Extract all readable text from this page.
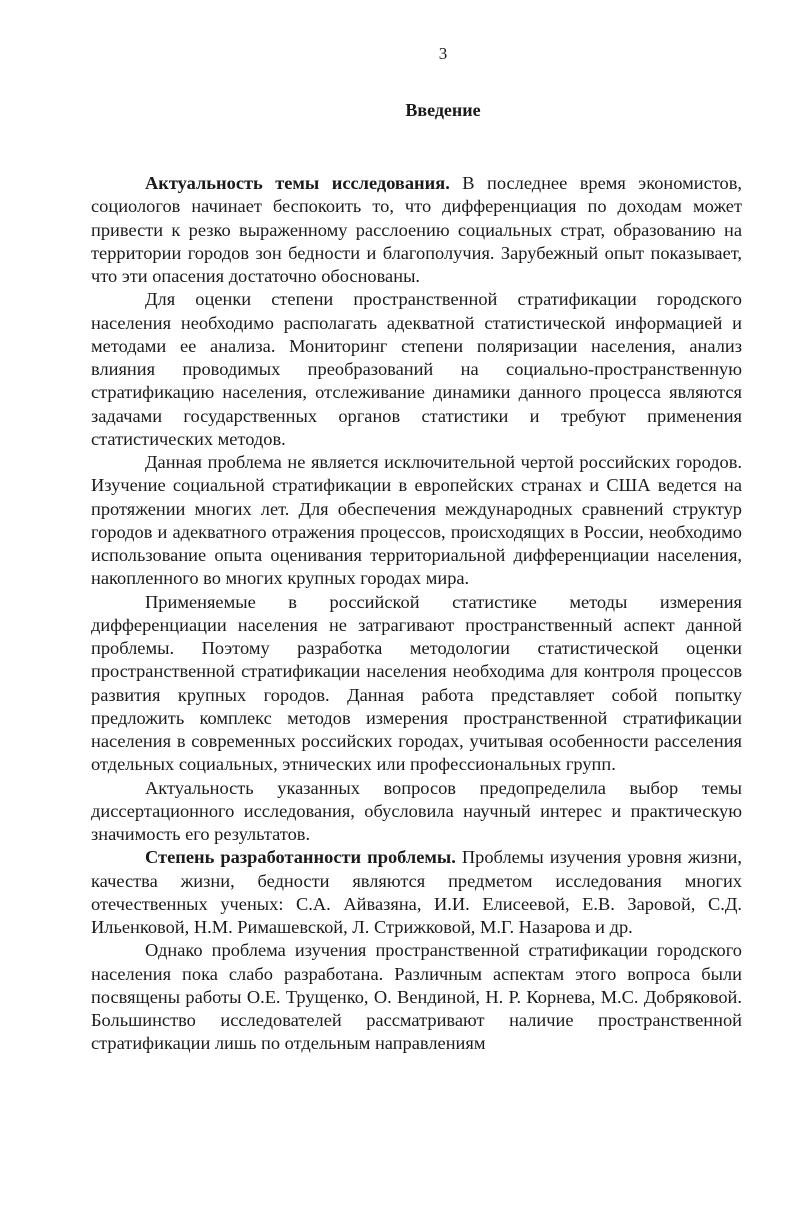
3
Введение

Актуальность темы исследования. В последнее время экономистов, социологов начинает беспокоить то, что дифференциация по доходам может привести к резко выраженному расслоению социальных страт, образованию на территории городов зон бедности и благополучия. Зарубежный опыт показывает, что эти опасения достаточно обоснованы.

Для оценки степени пространственной стратификации городского населения необходимо располагать адекватной статистической информацией и методами ее анализа. Мониторинг степени поляризации населения, анализ влияния проводимых преобразований на социально-пространственную стратификацию населения, отслеживание динамики данного процесса являются задачами государственных органов статистики и требуют применения статистических методов.

Данная проблема не является исключительной чертой российских городов. Изучение социальной стратификации в европейских странах и США ведется на протяжении многих лет. Для обеспечения международных сравнений структур городов и адекватного отражения процессов, происходящих в России, необходимо использование опыта оценивания территориальной дифференциации населения, накопленного во многих крупных городах мира.

Применяемые в российской статистике методы измерения дифференциации населения не затрагивают пространственный аспект данной проблемы. Поэтому разработка методологии статистической оценки пространственной стратификации населения необходима для контроля процессов развития крупных городов. Данная работа представляет собой попытку предложить комплекс методов измерения пространственной стратификации населения в современных российских городах, учитывая особенности расселения отдельных социальных, этнических или профессиональных групп.

Актуальность указанных вопросов предопределила выбор темы диссертационного исследования, обусловила научный интерес и практическую значимость его результатов.

Степень разработанности проблемы. Проблемы изучения уровня жизни, качества жизни, бедности являются предметом исследования многих отечественных ученых: С.А. Айвазяна, И.И. Елисеевой, Е.В. Заровой, С.Д. Ильенковой, Н.М. Римашевской, Л. Стрижковой, М.Г. Назарова и др.

Однако проблема изучения пространственной стратификации городского населения пока слабо разработана. Различным аспектам этого вопроса были посвящены работы О.Е. Трущенко, О. Вендиной, Н. Р. Корнева, М.С. Добряковой. Большинство исследователей рассматривают наличие пространственной стратификации лишь по отдельным направлениям
